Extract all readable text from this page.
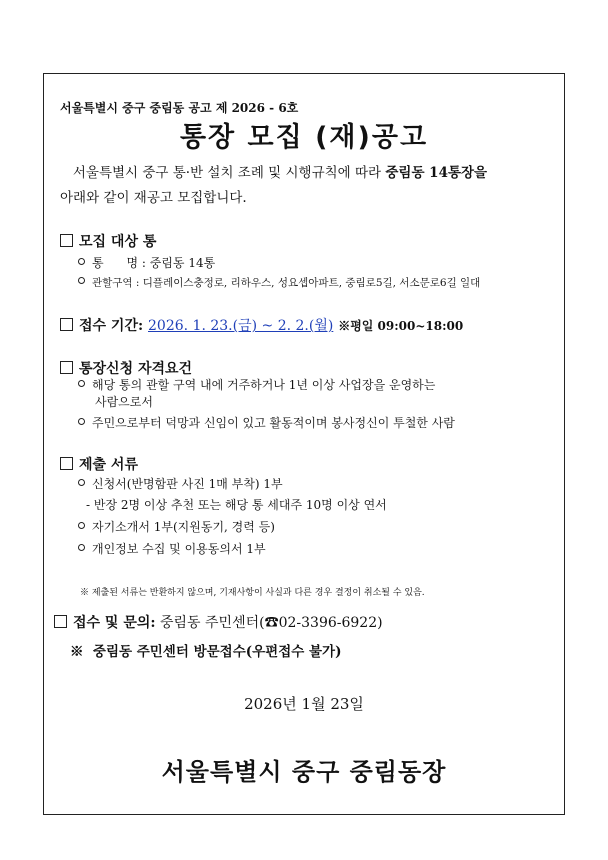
서울특별시 중구 중림동 공고 제 2026 - 6호
통장 모집 (재)공고
서울특별시 중구 통·반 설치 조례 및 시행규칙에 따라 중림동 14통장을
아래와 같이 재공고 모집합니다.
모집 대상 통
통      명 : 중림동 14통
관할구역 : 디플레이스충정로, 리하우스, 성요셉아파트, 중림로5길, 서소문로6길 일대
접수 기간: 2026. 1. 23.(금) ~ 2. 2.(월) ※평일 09:00~18:00
통장신청 자격요건
해당 통의 관할 구역 내에 거주하거나 1년 이상 사업장을 운영하는
사람으로서
주민으로부터 덕망과 신임이 있고 활동적이며 봉사정신이 투철한 사람
제출 서류
신청서(반명함판 사진 1매 부착) 1부
- 반장 2명 이상 추천 또는 해당 통 세대주 10명 이상 연서
자기소개서 1부(지원동기, 경력 등)
개인정보 수집 및 이용동의서 1부
※ 제출된 서류는 반환하지 않으며, 기재사항이 사실과 다른 경우 결정이 취소될 수 있음.
접수 및 문의: 중림동 주민센터(☎02-3396-6922)
※  중림동 주민센터 방문접수(우편접수 불가)
2026년 1월 23일
서울특별시 중구 중림동장
